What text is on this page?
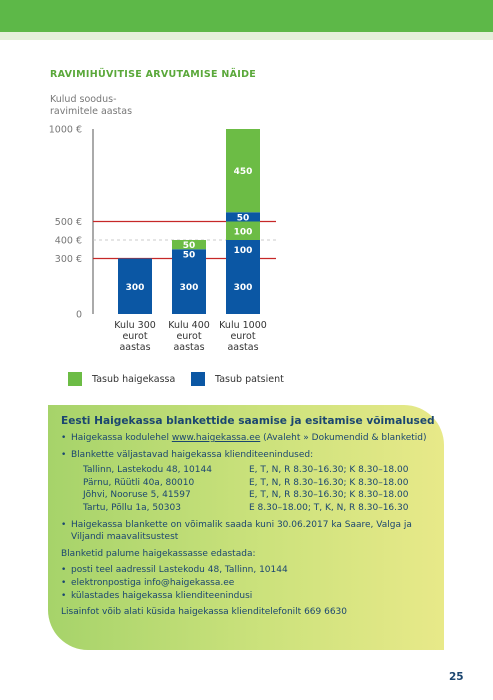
RAVIMIHÜVITISE ARVUTAMISE NÄIDE
Kulud soodus-
ravimitele aastas
0
300 €
400 €
500 €
1000 €
300	300
50
50
300
100
100
50
450
Kulu 300 eurot aastas
Kulu 400 eurot aastas
Kulu 1000 eurot aastas
Tasub haigekassa	Tasub patsient
Eesti Haigekassa blankettide saamise ja esitamise võimalused
• Haigekassa kodulehel www.haigekassa.ee (Avaleht » Dokumendid & blanketid)
• Blankette väljastavad haigekassa klienditeenindused:
Tallinn, Lastekodu 48, 10144	E, T, N, R 8.30–16.30; K 8.30–18.00
Pärnu, Rüütli 40a, 80010	E, T, N, R 8.30–16.30; K 8.30–18.00
Jõhvi, Nooruse 5, 41597	E, T, N, R 8.30–16.30; K 8.30–18.00
Tartu, Põllu 1a, 50303	E 8.30–18.00; T, K, N, R 8.30–16.30
• Haigekassa blankette on võimalik saada kuni 30.06.2017 ka Saare, Valga ja Viljandi maavalitsustest

Blanketid palume haigekassasse edastada:

• posti teel aadressil Lastekodu 48, Tallinn, 10144
• elektronpostiga info@haigekassa.ee
• külastades haigekassa klienditeenindusi

Lisainfot võib alati küsida haigekassa klienditelefonilt 669 6630

25
